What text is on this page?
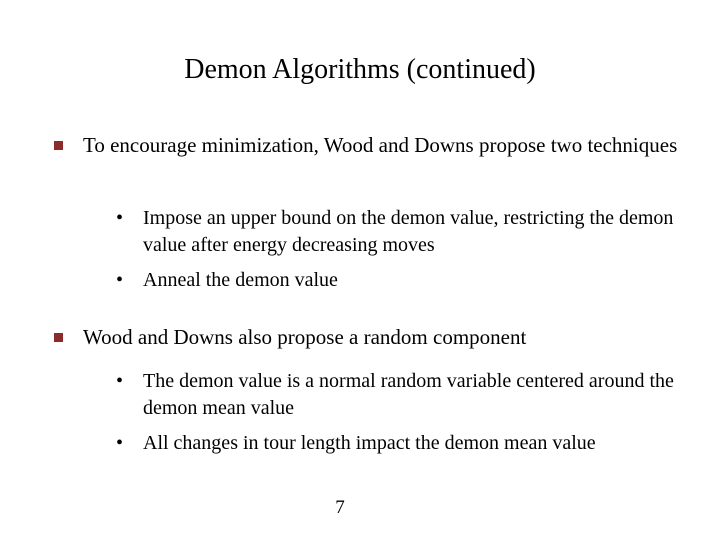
Demon Algorithms (continued)
To encourage minimization, Wood and Downs propose two techniques
• Impose an upper bound on the demon value, restricting the demon value after energy decreasing moves
• Anneal the demon value
Wood and Downs also propose a random component
• The demon value is a normal random variable centered around the demon mean value
• All changes in tour length impact the demon mean value
7
